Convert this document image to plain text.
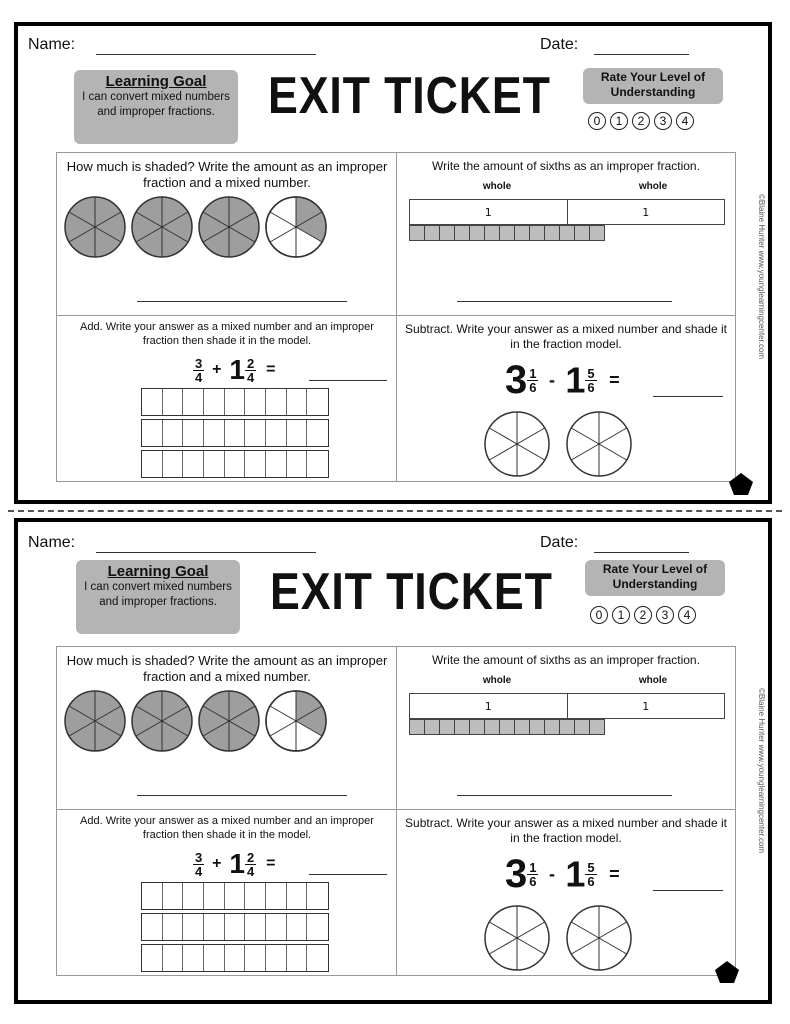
Name:	Date:
Learning Goal
I can convert mixed numbers and improper fractions.	EXIT TICKET	Rate Your Level of Understanding
0	1	2	3	4
How much is shaded? Write the amount as an improper fraction and a mixed number.
Write the amount of sixths as an improper fraction.
whole	whole
1	1
Add. Write your answer as a mixed number and an improper fraction then shade it in the model.
$\frac{3}{4} + 1 \frac{2}{4}$ =
Subtract. Write your answer as a mixed number and shade it in the fraction model.
$3 \frac{1}{6} - 1 \frac{5}{6}$ =
©Blaine Hunter www.younglearningcenter.com
Name:	Date:
Learning Goal
I can convert mixed numbers and improper fractions.	EXIT TICKET	Rate Your Level of Understanding
0	1	2	3	4
How much is shaded? Write the amount as an improper fraction and a mixed number.
Write the amount of sixths as an improper fraction.
whole	whole
1	1
Add. Write your answer as a mixed number and an improper fraction then shade it in the model.
$\frac{3}{4} + 1 \frac{2}{4}$ =
Subtract. Write your answer as a mixed number and shade it in the fraction model.
$3 \frac{1}{6} - 1 \frac{5}{6}$ =
©Blaine Hunter www.younglearningcenter.com
